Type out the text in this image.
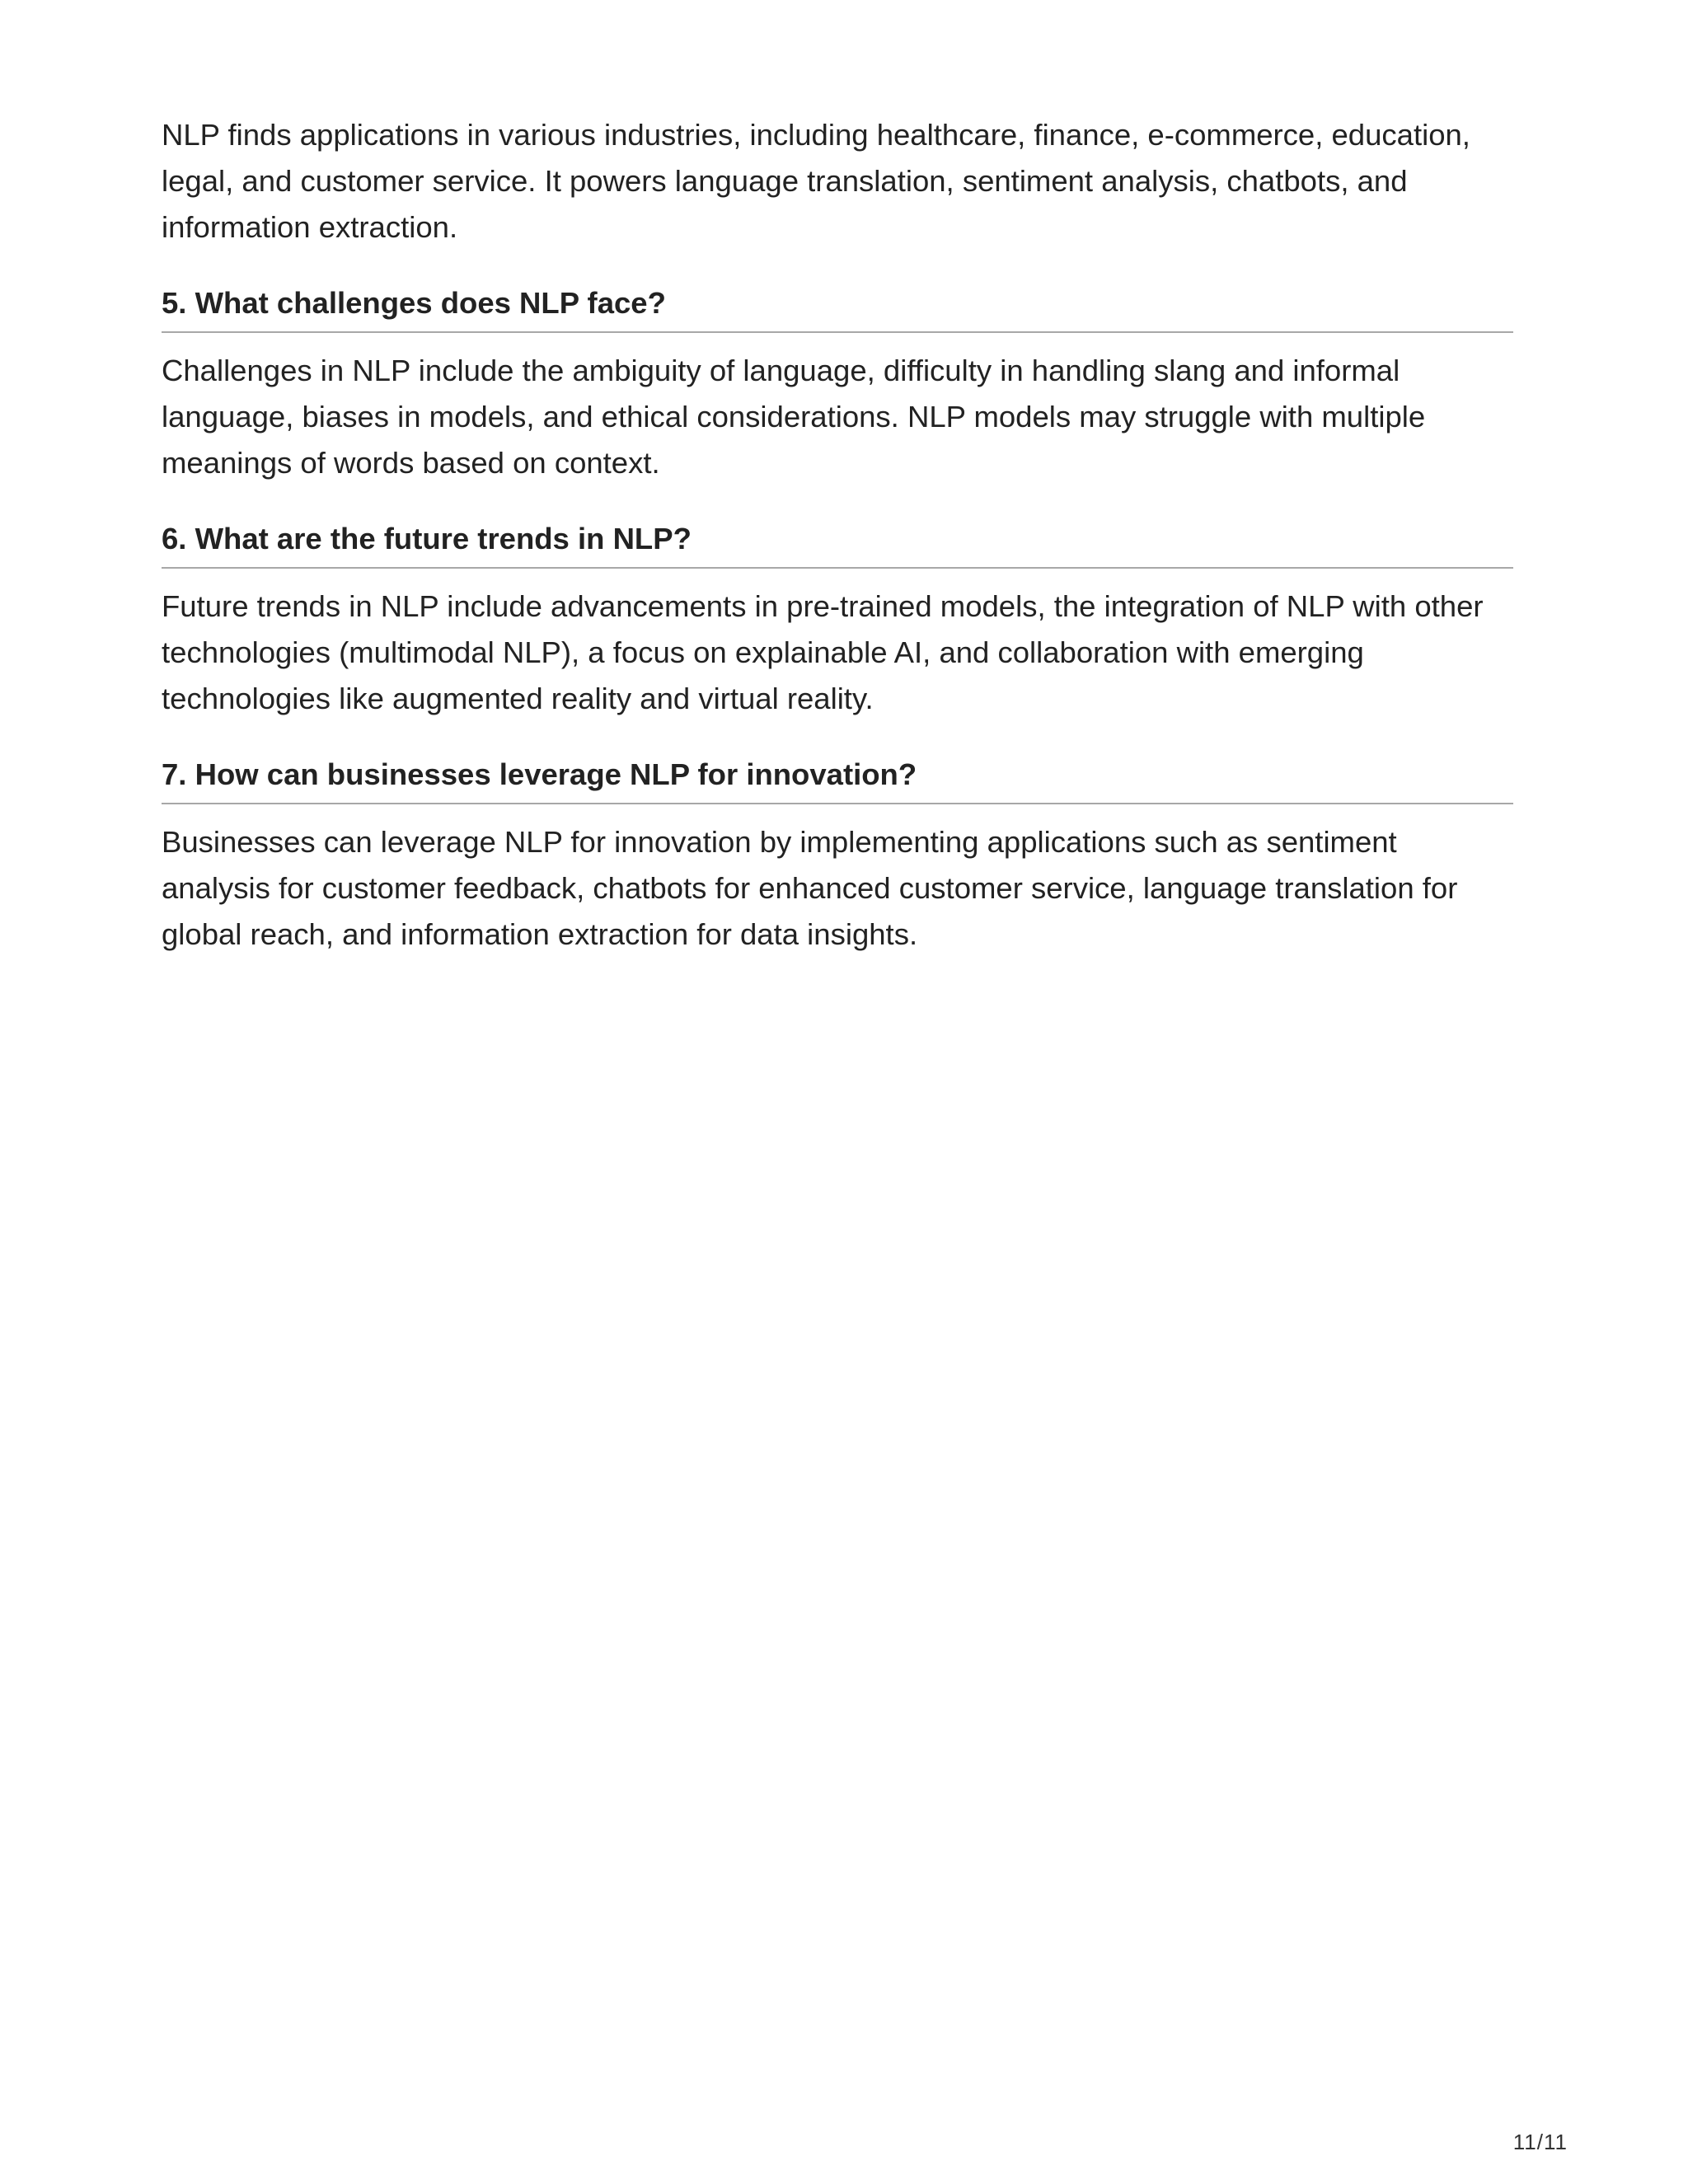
NLP finds applications in various industries, including healthcare, finance, e-commerce, education, legal, and customer service. It powers language translation, sentiment analysis, chatbots, and information extraction.

5. What challenges does NLP face?

Challenges in NLP include the ambiguity of language, difficulty in handling slang and informal language, biases in models, and ethical considerations. NLP models may struggle with multiple meanings of words based on context.

6. What are the future trends in NLP?

Future trends in NLP include advancements in pre-trained models, the integration of NLP with other technologies (multimodal NLP), a focus on explainable AI, and collaboration with emerging technologies like augmented reality and virtual reality.

7. How can businesses leverage NLP for innovation?

Businesses can leverage NLP for innovation by implementing applications such as sentiment analysis for customer feedback, chatbots for enhanced customer service, language translation for global reach, and information extraction for data insights.

11/11
